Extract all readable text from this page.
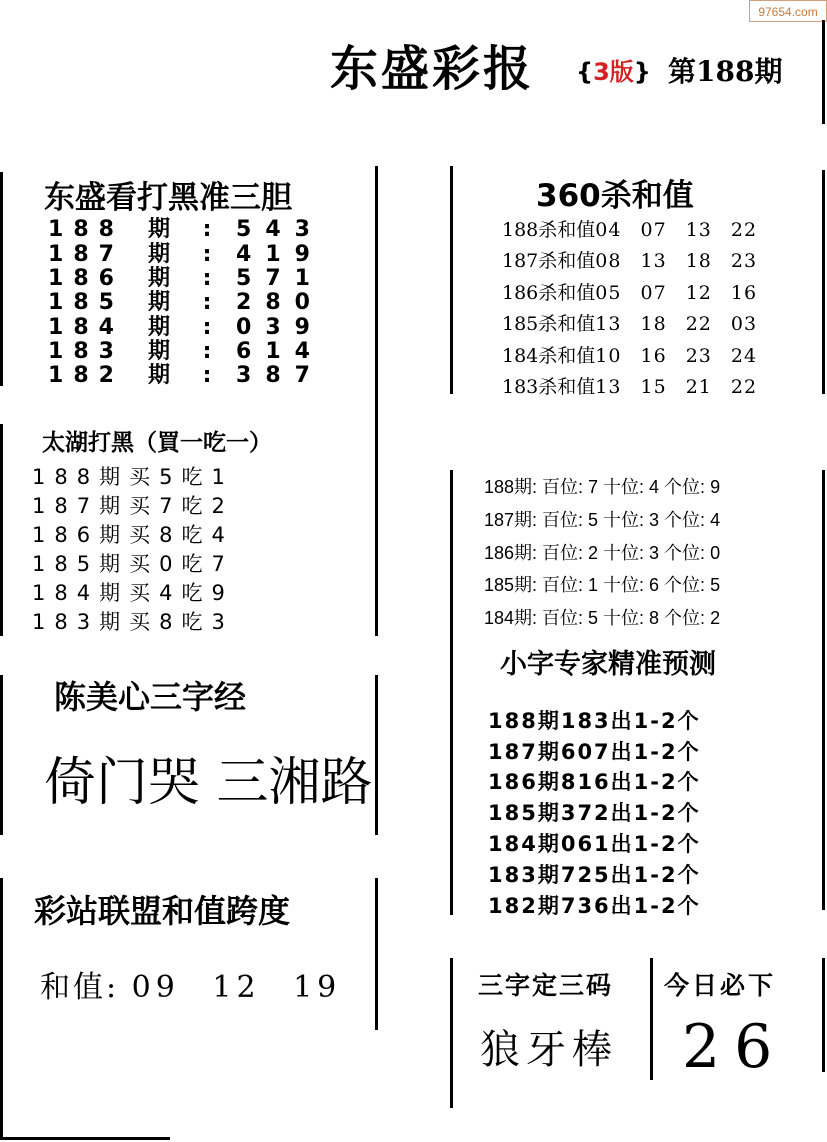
97654.com
东盛彩报 {3版} 第188期
东盛看打黑准三胆
188 期 : 543
187 期 : 419
186 期 : 571
185 期 : 280
184 期 : 039
183 期 : 614
182 期 : 387
太湖打黑（買一吃一）
188期买5吃1
187期买7吃2
186期买8吃4
185期买0吃7
184期买4吃9
183期买8吃3
陈美心三字经
倚门哭 三湘路
彩站联盟和值跨度
和值: 09 12 19
360杀和值
188杀和值04 07 13 22
187杀和值08 13 18 23
186杀和值05 07 12 16
185杀和值13 18 22 03
184杀和值10 16 23 24
183杀和值13 15 21 22
188期: 百位: 7 十位: 4 个位: 9
187期: 百位: 5 十位: 3 个位: 4
186期: 百位: 2 十位: 3 个位: 0
185期: 百位: 1 十位: 6 个位: 5
184期: 百位: 5 十位: 8 个位: 2
小字专家精准预测
188期183出1-2个
187期607出1-2个
186期816出1-2个
185期372出1-2个
184期061出1-2个
183期725出1-2个
182期736出1-2个
三字定三码
狼牙棒
今日必下
26
